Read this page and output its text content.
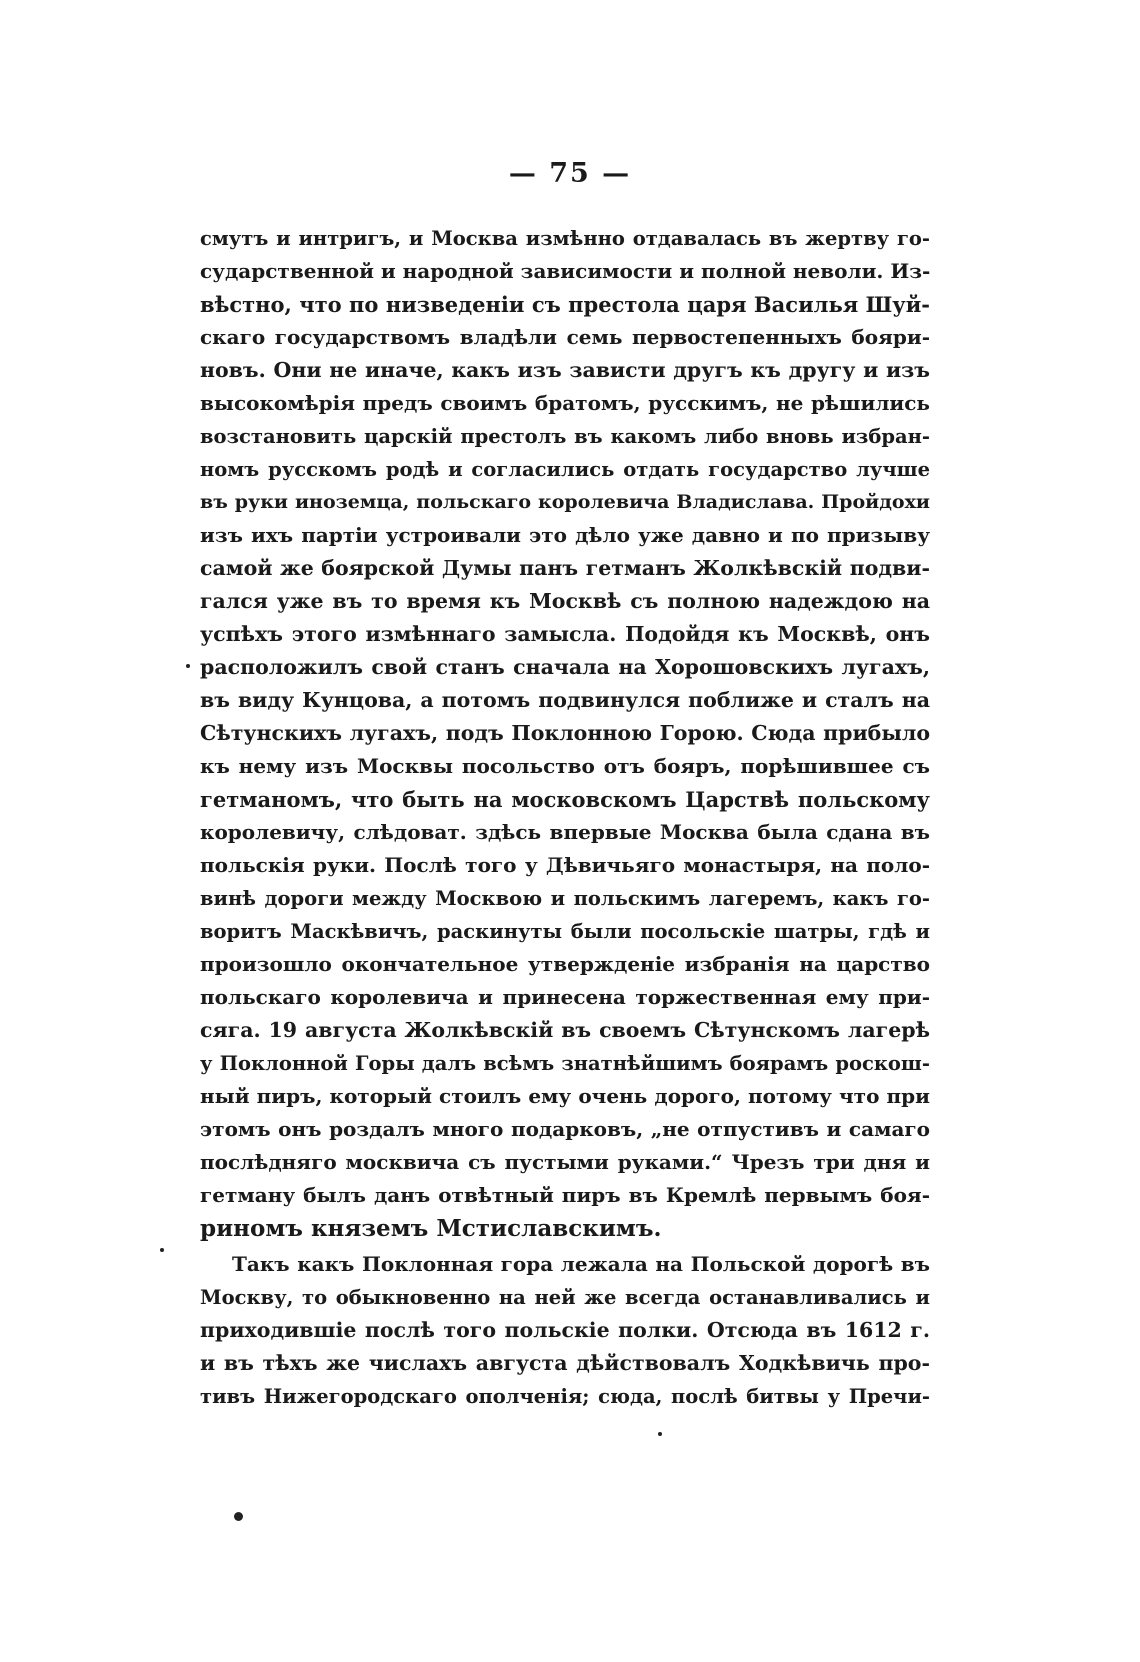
— 75 —
смутъ и интригъ, и Москва измѣнно отдавалась въ жертву го-
сударственной и народной зависимости и полной неволи. Из-
вѣстно, что по низведеніи съ престола царя Василья Шуй-
скаго государствомъ владѣли семь первостепенныхъ бояри-
новъ. Они не иначе, какъ изъ зависти другъ къ другу и изъ
высокомѣрія предъ своимъ братомъ, русскимъ, не рѣшились
возстановить царскій престолъ въ какомъ либо вновь избран-
номъ русскомъ родѣ и согласились отдать государство лучше
въ руки иноземца, польскаго королевича Владислава. Пройдохи
изъ ихъ партіи устроивали это дѣло уже давно и по призыву
самой же боярской Думы панъ гетманъ Жолкѣвскій подви-
гался уже въ то время къ Москвѣ съ полною надеждою на
успѣхъ этого измѣннаго замысла. Подойдя къ Москвѣ, онъ
расположилъ свой станъ сначала на Хорошовскихъ лугахъ,
въ виду Кунцова, а потомъ подвинулся поближе и сталъ на
Сѣтунскихъ лугахъ, подъ Поклонною Горою. Сюда прибыло
къ нему изъ Москвы посольство отъ бояръ, порѣшившее съ
гетманомъ, что быть на московскомъ Царствѣ польскому
королевичу, слѣдоват. здѣсь впервые Москва была сдана въ
польскія руки. Послѣ того у Дѣвичьяго монастыря, на поло-
винѣ дороги между Москвою и польскимъ лагеремъ, какъ го-
воритъ Маскѣвичъ, раскинуты были посольскіе шатры, гдѣ и
произошло окончательное утвержденіе избранія на царство
польскаго королевича и принесена торжественная ему при-
сяга. 19 августа Жолкѣвскій въ своемъ Сѣтунскомъ лагерѣ
у Поклонной Горы далъ всѣмъ знатнѣйшимъ боярамъ роскош-
ный пиръ, который стоилъ ему очень дорого, потому что при
этомъ онъ роздалъ много подарковъ, „не отпустивъ и самаго
послѣдняго москвича съ пустыми руками.“ Чрезъ три дня и
гетману былъ данъ отвѣтный пиръ въ Кремлѣ первымъ боя-
риномъ княземъ Мстиславскимъ.
Такъ какъ Поклонная гора лежала на Польской дорогѣ въ
Москву, то обыкновенно на ней же всегда останавливались и
приходившіе послѣ того польскіе полки. Отсюда въ 1612 г.
и въ тѣхъ же числахъ августа дѣйствовалъ Ходкѣвичь про-
тивъ Нижегородскаго ополченія; сюда, послѣ битвы у Пречи-
